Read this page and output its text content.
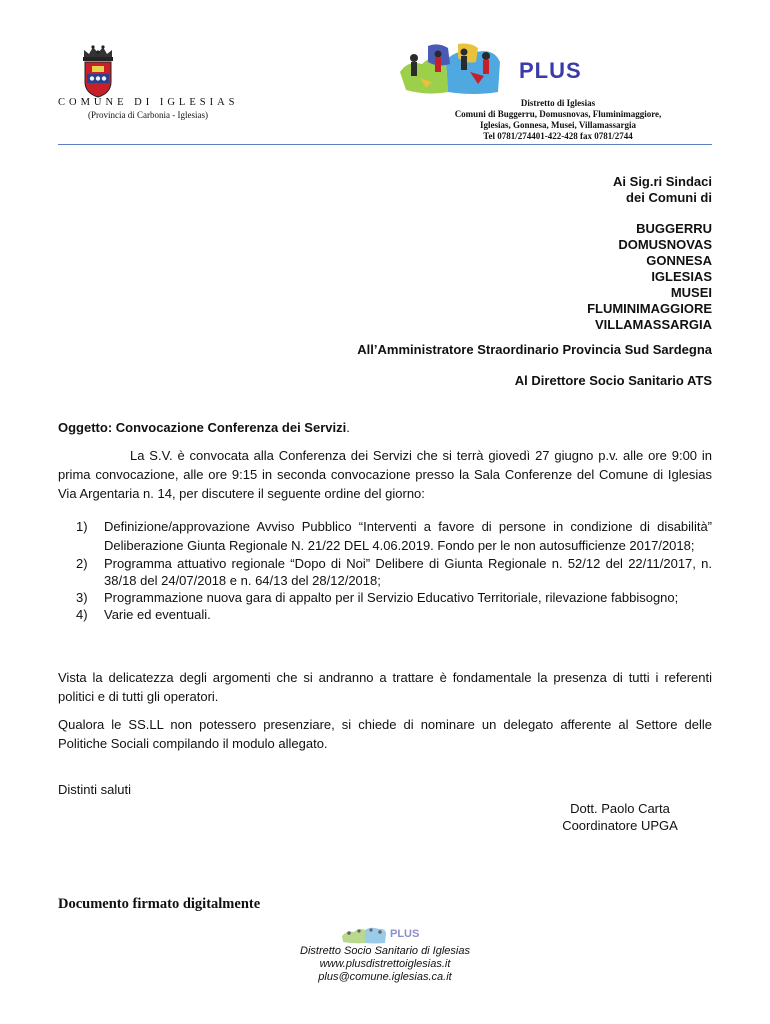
COMUNE DI IGLESIAS
(Provincia di Carbonia - Iglesias)
PLUS
Distretto di Iglesias
Comuni di Buggerru, Domusnovas, Fluminimaggiore,
Iglesias, Gonnesa, Musei, Villamassargia
Tel 0781/274401-422-428 fax 0781/2744
Ai Sig.ri Sindaci
dei Comuni di
BUGGERRU
DOMUSNOVAS
GONNESA
IGLESIAS
MUSEI
FLUMINIMAGGIORE
VILLAMASSARGIA
All’Amministratore Straordinario Provincia Sud Sardegna
Al Direttore Socio Sanitario ATS
Oggetto: Convocazione Conferenza dei Servizi.
La S.V. è convocata alla Conferenza dei Servizi che si terrà giovedì 27 giugno p.v. alle ore 9:00 in prima convocazione, alle ore 9:15 in seconda convocazione presso la Sala Conferenze del Comune di Iglesias Via Argentaria n. 14, per discutere il seguente ordine del giorno:
1) Definizione/approvazione Avviso Pubblico “Interventi a favore di persone in condizione di disabilità” Deliberazione Giunta Regionale N. 21/22 DEL 4.06.2019. Fondo per le non autosufficienze 2017/2018;
2) Programma attuativo regionale “Dopo di Noi” Delibere di Giunta Regionale n. 52/12 del 22/11/2017, n. 38/18 del 24/07/2018 e n. 64/13 del 28/12/2018;
3) Programmazione nuova gara di appalto per il Servizio Educativo Territoriale, rilevazione fabbisogno;
4) Varie ed eventuali.
Vista la delicatezza degli argomenti che si andranno a trattare è fondamentale la presenza di tutti i referenti politici e di tutti gli operatori.
Qualora le SS.LL non potessero presenziare, si chiede di nominare un delegato afferente al Settore delle Politiche Sociali compilando il modulo allegato.
Distinti saluti
Dott. Paolo Carta
Coordinatore UPGA
Documento firmato digitalmente
PLUS
Distretto Socio Sanitario di Iglesias
www.plusdistrettoiglesias.it
plus@comune.iglesias.ca.it
